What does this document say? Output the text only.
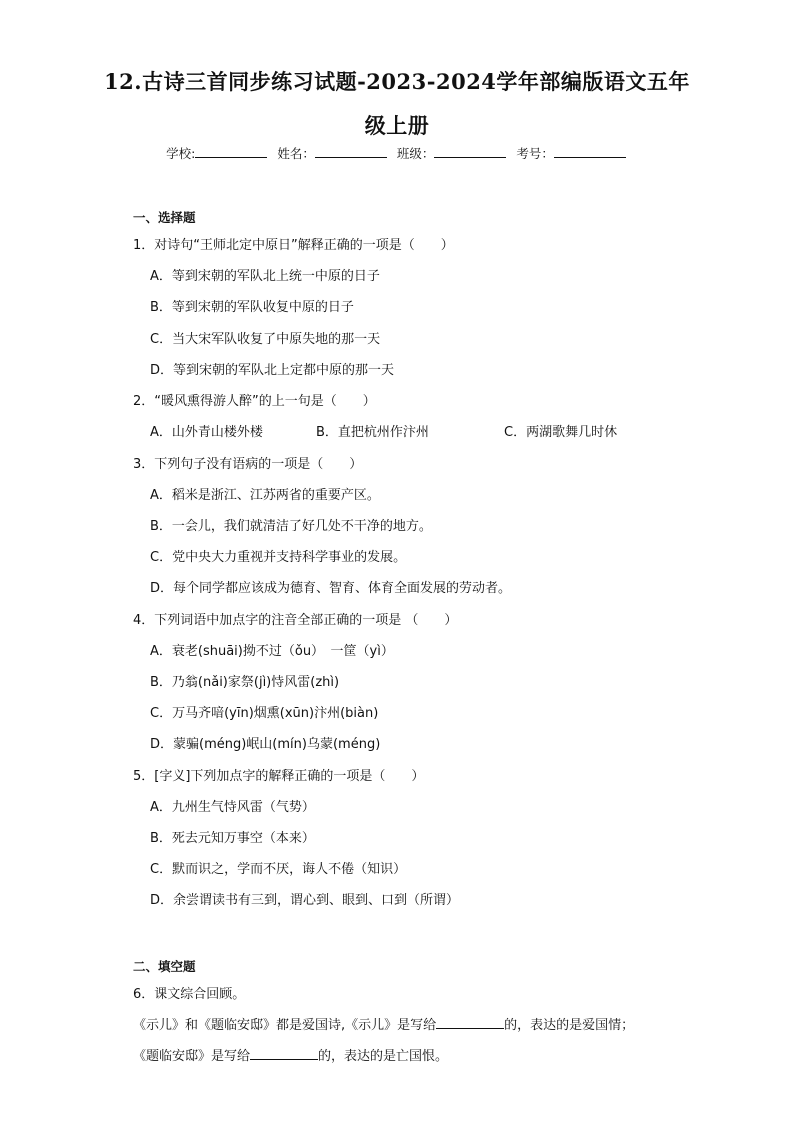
12.古诗三首同步练习试题-2023-2024学年部编版语文五年
级上册
学校:	姓名：	班级：	考号：
一、选择题
1．对诗句“王师北定中原日”解释正确的一项是（　　）
A．等到宋朝的军队北上统一中原的日子
B．等到宋朝的军队收复中原的日子
C．当大宋军队收复了中原失地的那一天
D．等到宋朝的军队北上定都中原的那一天
2．“暖风熏得游人醉”的上一句是（　　）
A．山外青山楼外楼	B．直把杭州作汴州	C．两湖歌舞几时休
3．下列句子没有语病的一项是（　　）
A．稻米是浙江、江苏两省的重要产区。
B．一会儿，我们就清洁了好几处不干净的地方。
C．党中央大力重视并支持科学事业的发展。
D．每个同学都应该成为德育、智育、体育全面发展的劳动者。
4．下列词语中加点字的注音全部正确的一项是 （　　）
A．衰老(shuāi)拗不过（ǒu）　一筐（yì）
B．乃翁(nǎi)家祭(jì)恃风雷(zhì)
C．万马齐喑(yīn)烟熏(xūn)汴州(biàn)
D．蒙骗(méng)岷山(mín)乌蒙(méng)
5．[字义]下列加点字的解释正确的一项是（　　）
A．九州生气恃风雷（气势）
B．死去元知万事空（本来）
C．默而识之，学而不厌，诲人不倦（知识）
D．余尝谓读书有三到，谓心到、眼到、口到（所谓）
二、填空题
6．课文综合回顾。
《示儿》和《题临安邸》都是爱国诗,《示儿》是写给	的，表达的是爱国情；
《题临安邸》是写给	的，表达的是亡国恨。
